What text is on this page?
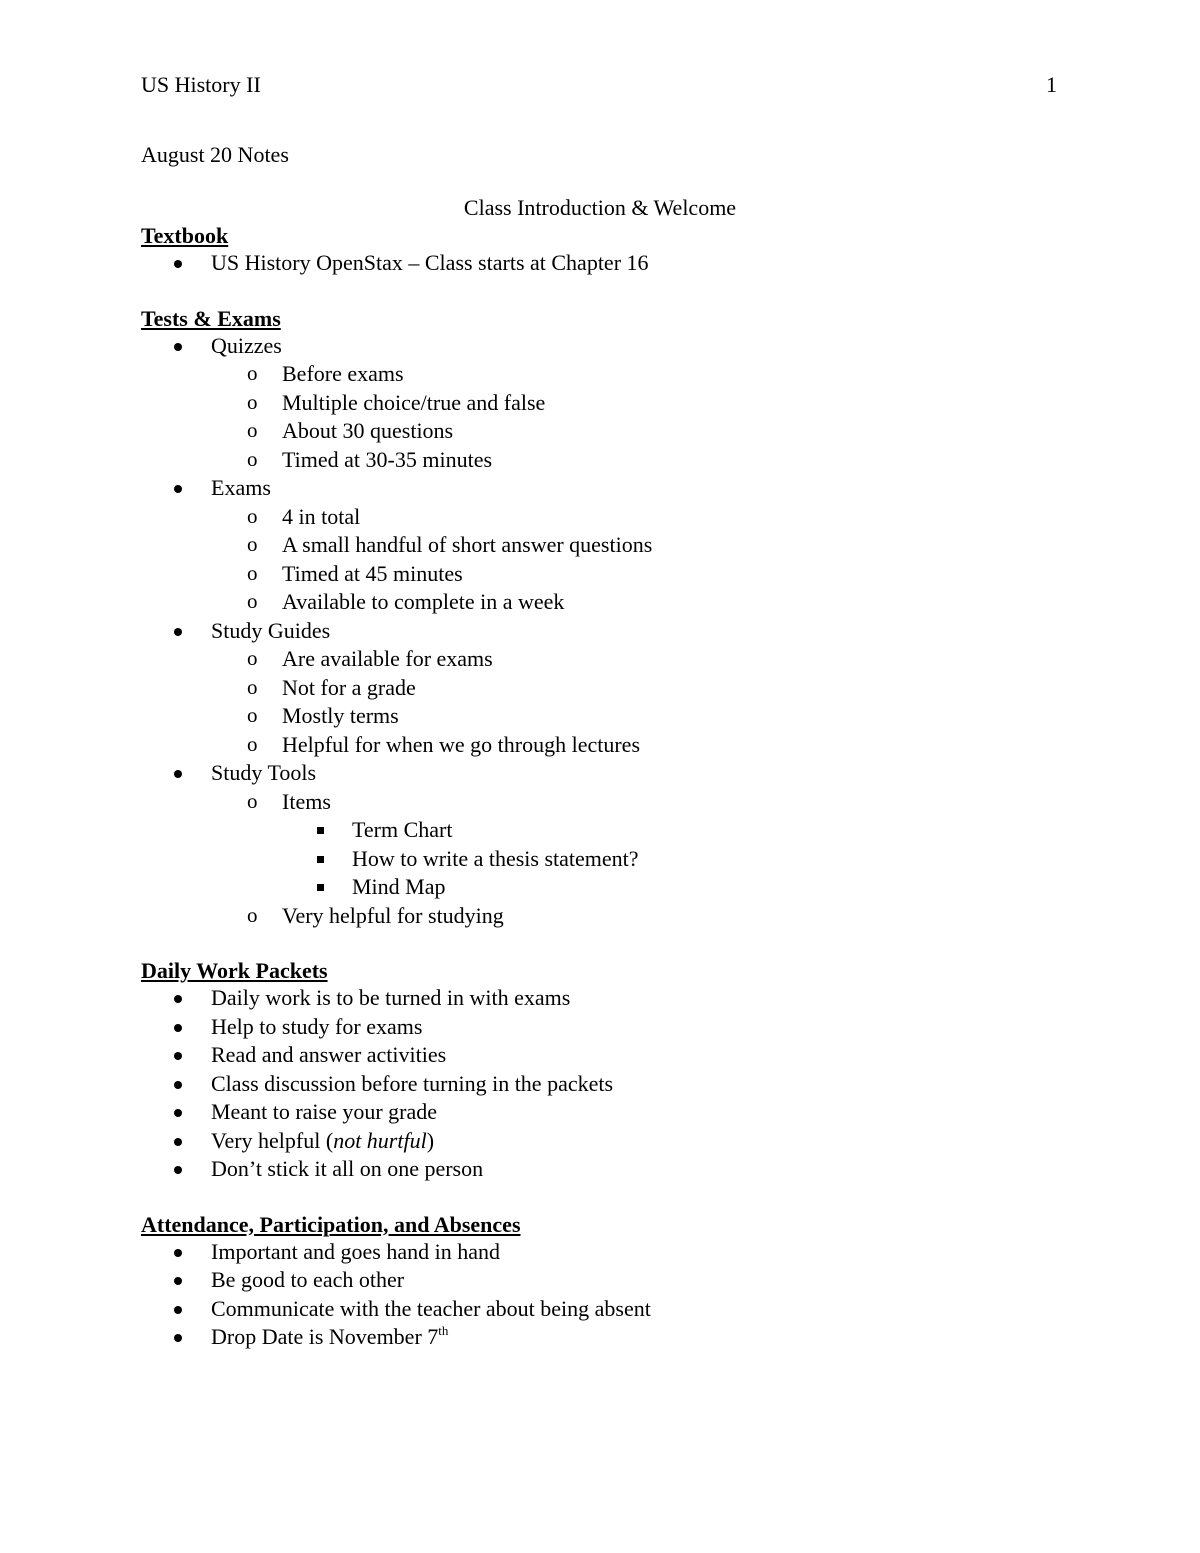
US History II	1
August 20 Notes
Class Introduction & Welcome
Textbook
US History OpenStax – Class starts at Chapter 16
Tests & Exams
Quizzes
o Before exams
o Multiple choice/true and false
o About 30 questions
o Timed at 30-35 minutes
Exams
o 4 in total
o A small handful of short answer questions
o Timed at 45 minutes
o Available to complete in a week
Study Guides
o Are available for exams
o Not for a grade
o Mostly terms
o Helpful for when we go through lectures
Study Tools
o Items
Term Chart
How to write a thesis statement?
Mind Map
o Very helpful for studying
Daily Work Packets
Daily work is to be turned in with exams
Help to study for exams
Read and answer activities
Class discussion before turning in the packets
Meant to raise your grade
Very helpful (not hurtful)
Don’t stick it all on one person
Attendance, Participation, and Absences
Important and goes hand in hand
Be good to each other
Communicate with the teacher about being absent
Drop Date is November 7th
